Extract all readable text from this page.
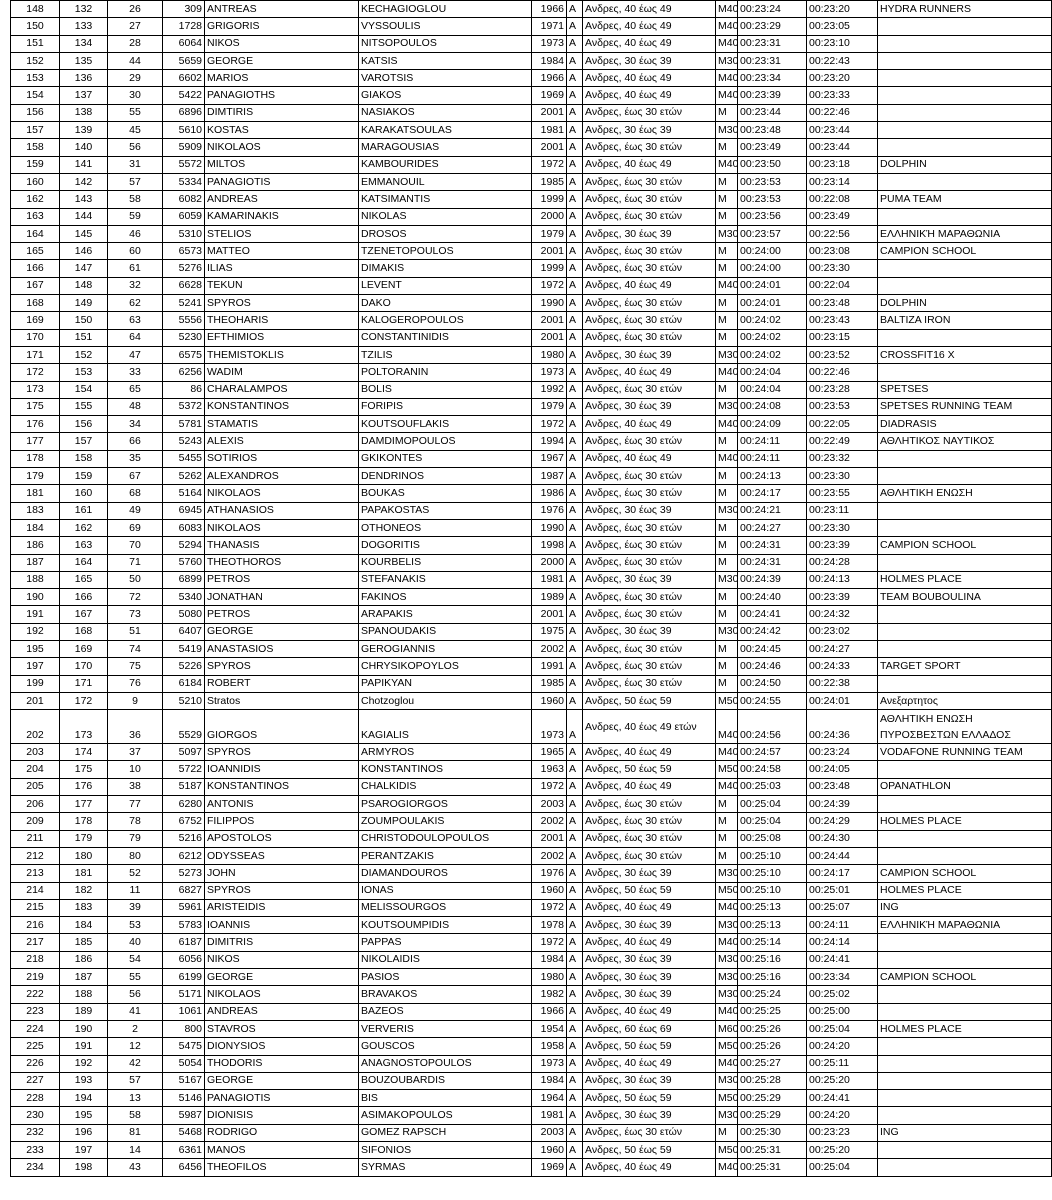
148	132	26	309	ANTREAS	KECHAGIOGLOU	1966	A	Ανδρες, 40 έως 49	M40	00:23:24	00:23:20	HYDRA RUNNERS
150	133	27	1728	GRIGORIS	VYSSOULIS	1971	A	Ανδρες, 40 έως 49	M40	00:23:29	00:23:05	
151	134	28	6064	NIKOS	NITSOPOULOS	1973	A	Ανδρες, 40 έως 49	M40	00:23:31	00:23:10	
152	135	44	5659	GEORGE	KATSIS	1984	A	Ανδρες, 30 έως 39	M30	00:23:31	00:22:43	
153	136	29	6602	MARIOS	VAROTSIS	1966	A	Ανδρες, 40 έως 49	M40	00:23:34	00:23:20	
154	137	30	5422	PANAGIOTHS	GIAKOS	1969	A	Ανδρες, 40 έως 49	M40	00:23:39	00:23:33	
156	138	55	6896	DIMTIRIS	NASIAKOS	2001	A	Ανδρες, έως 30 ετών	M	00:23:44	00:22:46	
157	139	45	5610	KOSTAS	KARAKATSOULAS	1981	A	Ανδρες, 30 έως 39	M30	00:23:48	00:23:44	
158	140	56	5909	NIKOLAOS	MARAGOUSIAS	2001	A	Ανδρες, έως 30 ετών	M	00:23:49	00:23:44	
159	141	31	5572	MILTOS	KAMBOURIDES	1972	A	Ανδρες, 40 έως 49	M40	00:23:50	00:23:18	DOLPHIN
160	142	57	5334	PANAGIOTIS	EMMANOUIL	1985	A	Ανδρες, έως 30 ετών	M	00:23:53	00:23:14	
162	143	58	6082	ANDREAS	KATSIMANTIS	1999	A	Ανδρες, έως 30 ετών	M	00:23:53	00:22:08	PUMA TEAM
163	144	59	6059	KAMARINAKIS	NIKOLAS	2000	A	Ανδρες, έως 30 ετών	M	00:23:56	00:23:49	
164	145	46	5310	STELIOS	DROSOS	1979	A	Ανδρες, 30 έως 39	M30	00:23:57	00:22:56	ΕΛΛΗΝΙΚΉ ΜΑΡΑΘΩΝΙΑ
165	146	60	6573	MATTEO	TZENETOPOULOS	2001	A	Ανδρες, έως 30 ετών	M	00:24:00	00:23:08	CAMPION SCHOOL
166	147	61	5276	ILIAS	DIMAKIS	1999	A	Ανδρες, έως 30 ετών	M	00:24:00	00:23:30	
167	148	32	6628	TEKUN	LEVENT	1972	A	Ανδρες, 40 έως 49	M40	00:24:01	00:22:04	
168	149	62	5241	SPYROS	DAKO	1990	A	Ανδρες, έως 30 ετών	M	00:24:01	00:23:48	DOLPHIN
169	150	63	5556	THEOHARIS	KALOGEROPOULOS	2001	A	Ανδρες, έως 30 ετών	M	00:24:02	00:23:43	BALTIZA IRON
170	151	64	5230	EFTHIMIOS	CONSTANTINIDIS	2001	A	Ανδρες, έως 30 ετών	M	00:24:02	00:23:15	
171	152	47	6575	THEMISTOKLIS	TZILIS	1980	A	Ανδρες, 30 έως 39	M30	00:24:02	00:23:52	CROSSFIT16 X
172	153	33	6256	WADIM	POLTORANIN	1973	A	Ανδρες, 40 έως 49	M40	00:24:04	00:22:46	
173	154	65	86	CHARALAMPOS	BOLIS	1992	A	Ανδρες, έως 30 ετών	M	00:24:04	00:23:28	SPETSES
175	155	48	5372	KONSTANTINOS	FORIPIS	1979	A	Ανδρες, 30 έως 39	M30	00:24:08	00:23:53	SPETSES RUNNING TEAM
176	156	34	5781	STAMATIS	KOUTSOUFLAKIS	1972	A	Ανδρες, 40 έως 49	M40	00:24:09	00:22:05	DIADRASIS
177	157	66	5243	ALEXIS	DAMDIMOPOULOS	1994	A	Ανδρες, έως 30 ετών	M	00:24:11	00:22:49	ΑΘΛΗΤΙΚΟΣ ΝΑΥΤΙΚΟΣ
178	158	35	5455	SOTIRIOS	GKIKONTES	1967	A	Ανδρες, 40 έως 49	M40	00:24:11	00:23:32	
179	159	67	5262	ALEXANDROS	DENDRINOS	1987	A	Ανδρες, έως 30 ετών	M	00:24:13	00:23:30	
181	160	68	5164	NIKOLAOS	BOUKAS	1986	A	Ανδρες, έως 30 ετών	M	00:24:17	00:23:55	ΑΘΛΗΤΙΚΗ ΕΝΩΣΗ
183	161	49	6945	ATHANASIOS	PAPAKOSTAS	1976	A	Ανδρες, 30 έως 39	M30	00:24:21	00:23:11	
184	162	69	6083	NIKOLAOS	OTHONEOS	1990	A	Ανδρες, έως 30 ετών	M	00:24:27	00:23:30	
186	163	70	5294	THANASIS	DOGORITIS	1998	A	Ανδρες, έως 30 ετών	M	00:24:31	00:23:39	CAMPION SCHOOL
187	164	71	5760	THEOTHOROS	KOURBELIS	2000	A	Ανδρες, έως 30 ετών	M	00:24:31	00:24:28	
188	165	50	6899	PETROS	STEFANAKIS	1981	A	Ανδρες, 30 έως 39	M30	00:24:39	00:24:13	HOLMES PLACE
190	166	72	5340	JONATHAN	FAKINOS	1989	A	Ανδρες, έως 30 ετών	M	00:24:40	00:23:39	TEAM BOUBOULINA
191	167	73	5080	PETROS	ARAPAKIS	2001	A	Ανδρες, έως 30 ετών	M	00:24:41	00:24:32	
192	168	51	6407	GEORGE	SPANOUDAKIS	1975	A	Ανδρες, 30 έως 39	M30	00:24:42	00:23:02	
195	169	74	5419	ANASTASIOS	GEROGIANNIS	2002	A	Ανδρες, έως 30 ετών	M	00:24:45	00:24:27	
197	170	75	5226	SPYROS	CHRYSIKOPOYLOS	1991	A	Ανδρες, έως 30 ετών	M	00:24:46	00:24:33	TARGET SPORT
199	171	76	6184	ROBERT	PAPIKYAN	1985	A	Ανδρες, έως 30 ετών	M	00:24:50	00:22:38	
201	172	9	5210	Stratos	Chotzoglou	1960	A	Ανδρες, 50 έως 59	M50	00:24:55	00:24:01	Ανεξαρτητος
202	173	36	5529	GIORGOS	KAGIALIS	1973	A	Ανδρες, 40 έως 49 ετών	M40	00:24:56	00:24:36	ΑΘΛΗΤΙΚΗ ΕΝΩΣΗ ΠΥΡΟΣΒΕΣΤΩΝ ΕΛΛΑΔΟΣ
203	174	37	5097	SPYROS	ARMYROS	1965	A	Ανδρες, 40 έως 49	M40	00:24:57	00:23:24	VODAFONE RUNNING TEAM
204	175	10	5722	IOANNIDIS	KONSTANTINOS	1963	A	Ανδρες, 50 έως 59	M50	00:24:58	00:24:05	
205	176	38	5187	KONSTANTINOS	CHALKIDIS	1972	A	Ανδρες, 40 έως 49	M40	00:25:03	00:23:48	OPANATHLON
206	177	77	6280	ANTONIS	PSAROGIORGOS	2003	A	Ανδρες, έως 30 ετών	M	00:25:04	00:24:39	
209	178	78	6752	FILIPPOS	ZOUMPOULAKIS	2002	A	Ανδρες, έως 30 ετών	M	00:25:04	00:24:29	HOLMES PLACE
211	179	79	5216	APOSTOLOS	CHRISTODOULOPOULOS	2001	A	Ανδρες, έως 30 ετών	M	00:25:08	00:24:30	
212	180	80	6212	ODYSSEAS	PERANTZAKIS	2002	A	Ανδρες, έως 30 ετών	M	00:25:10	00:24:44	
213	181	52	5273	JOHN	DIAMANDOUROS	1976	A	Ανδρες, 30 έως 39	M30	00:25:10	00:24:17	CAMPION SCHOOL
214	182	11	6827	SPYROS	IONAS	1960	A	Ανδρες, 50 έως 59	M50	00:25:10	00:25:01	HOLMES PLACE
215	183	39	5961	ARISTEIDIS	MELISSOURGOS	1972	A	Ανδρες, 40 έως 49	M40	00:25:13	00:25:07	ING
216	184	53	5783	IOANNIS	KOUTSOUMPIDIS	1978	A	Ανδρες, 30 έως 39	M30	00:25:13	00:24:11	ΕΛΛΗΝΙΚΉ ΜΑΡΑΘΩΝΙΑ
217	185	40	6187	DIMITRIS	PAPPAS	1972	A	Ανδρες, 40 έως 49	M40	00:25:14	00:24:14	
218	186	54	6056	NIKOS	NIKOLAIDIS	1984	A	Ανδρες, 30 έως 39	M30	00:25:16	00:24:41	
219	187	55	6199	GEORGE	PASIOS	1980	A	Ανδρες, 30 έως 39	M30	00:25:16	00:23:34	CAMPION SCHOOL
222	188	56	5171	NIKOLAOS	BRAVAKOS	1982	A	Ανδρες, 30 έως 39	M30	00:25:24	00:25:02	
223	189	41	1061	ANDREAS	BAZEOS	1966	A	Ανδρες, 40 έως 49	M40	00:25:25	00:25:00	
224	190	2	800	STAVROS	VERVERIS	1954	A	Ανδρες, 60 έως 69	M60	00:25:26	00:25:04	HOLMES PLACE
225	191	12	5475	DIONYSIOS	GOUSCOS	1958	A	Ανδρες, 50 έως 59	M50	00:25:26	00:24:20	
226	192	42	5054	THODORIS	ANAGNOSTOPOULOS	1973	A	Ανδρες, 40 έως 49	M40	00:25:27	00:25:11	
227	193	57	5167	GEORGE	BOUZOUBARDIS	1984	A	Ανδρες, 30 έως 39	M30	00:25:28	00:25:20	
228	194	13	5146	PANAGIOTIS	BIS	1964	A	Ανδρες, 50 έως 59	M50	00:25:29	00:24:41	
230	195	58	5987	DIONISIS	ASIMAKOPOULOS	1981	A	Ανδρες, 30 έως 39	M30	00:25:29	00:24:20	
232	196	81	5468	RODRIGO	GOMEZ RAPSCH	2003	A	Ανδρες, έως 30 ετών	M	00:25:30	00:23:23	ING
233	197	14	6361	MANOS	SIFONIOS	1960	A	Ανδρες, 50 έως 59	M50	00:25:31	00:25:20	
234	198	43	6456	THEOFILOS	SYRMAS	1969	A	Ανδρες, 40 έως 49	M40	00:25:31	00:25:04	
